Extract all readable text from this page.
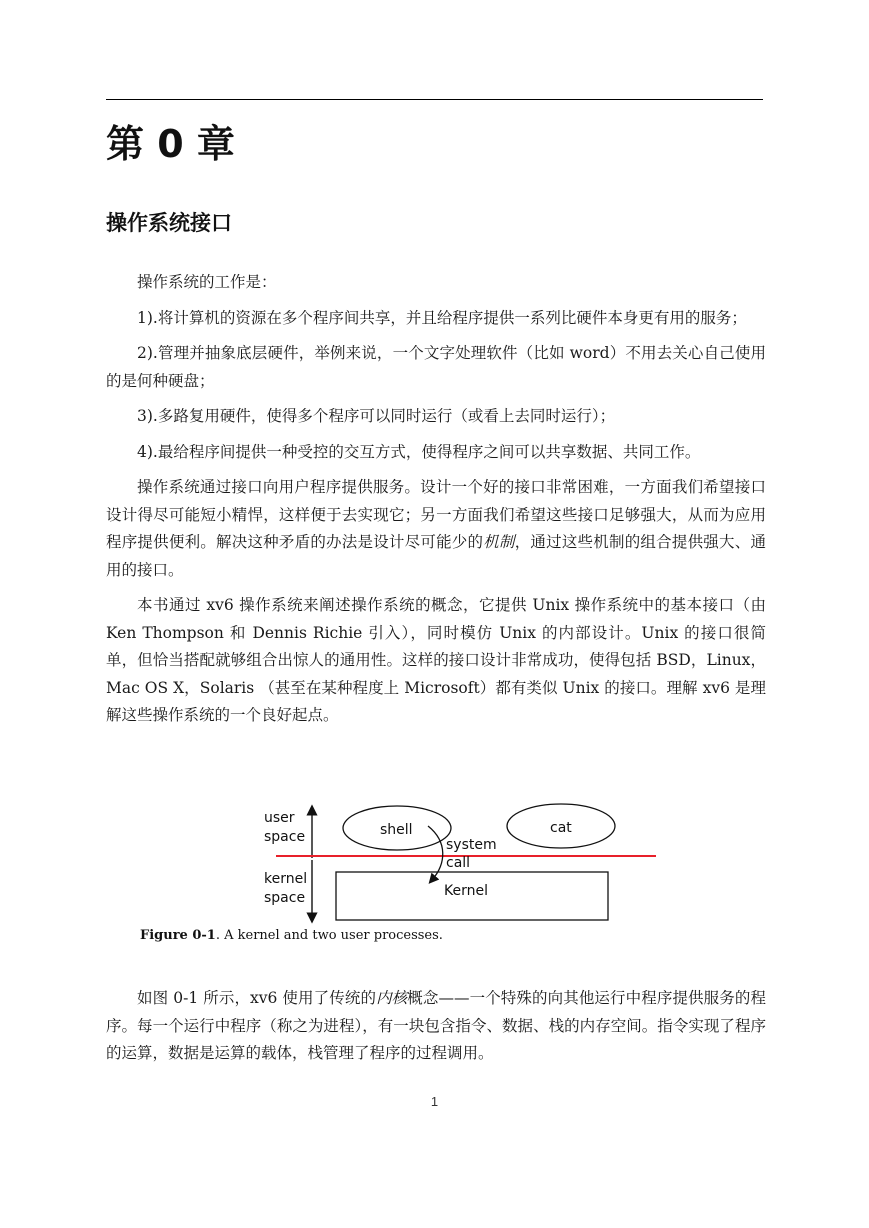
第 0 章
操作系统接口

操作系统的工作是：

1).将计算机的资源在多个程序间共享，并且给程序提供一系列比硬件本身更有用的服务；

2).管理并抽象底层硬件，举例来说，一个文字处理软件（比如 word）不用去关心自己使用的是何种硬盘；

3).多路复用硬件，使得多个程序可以同时运行（或看上去同时运行）；

4).最给程序间提供一种受控的交互方式，使得程序之间可以共享数据、共同工作。

操作系统通过接口向用户程序提供服务。设计一个好的接口非常困难，一方面我们希望接口设计得尽可能短小精悍，这样便于去实现它；另一方面我们希望这些接口足够强大，从而为应用程序提供便利。解决这种矛盾的办法是设计尽可能少的机制，通过这些机制的组合提供强大、通用的接口。

本书通过 xv6 操作系统来阐述操作系统的概念，它提供 Unix 操作系统中的基本接口（由 Ken Thompson 和 Dennis Richie 引入），同时模仿 Unix 的内部设计。Unix 的接口很简单，但恰当搭配就够组合出惊人的通用性。这样的接口设计非常成功，使得包括 BSD，Linux，Mac OS X，Solaris （甚至在某种程度上 Microsoft）都有类似 Unix 的接口。理解 xv6 是理解这些操作系统的一个良好起点。

user
space
kernel
space
shell	cat
Kernel
system
call

Figure 0-1. A kernel and two user processes.

如图 0-1 所示，xv6 使用了传统的内核概念——一个特殊的向其他运行中程序提供服务的程序。每一个运行中程序（称之为进程），有一块包含指令、数据、栈的内存空间。指令实现了程序的运算，数据是运算的载体，栈管理了程序的过程调用。

1
